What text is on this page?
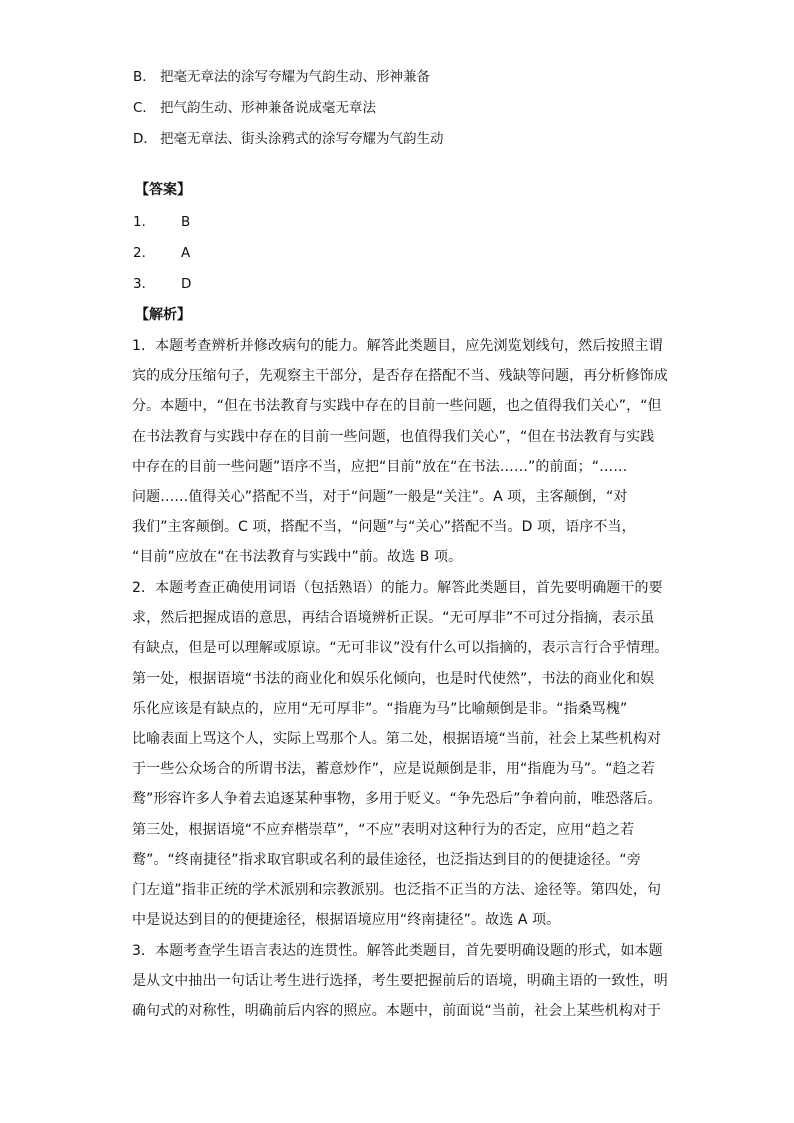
B． 把毫无章法的涂写夸耀为气韵生动、形神兼备
C． 把气韵生动、形神兼备说成毫无章法
D． 把毫无章法、街头涂鸦式的涂写夸耀为气韵生动
【答案】
1． B
2． A
3． D
【解析】
1．本题考查辨析并修改病句的能力。解答此类题目，应先浏览划线句，然后按照主谓
宾的成分压缩句子，先观察主干部分，是否存在搭配不当、残缺等问题，再分析修饰成
分。本题中，“但在书法教育与实践中存在的目前一些问题，也之值得我们关心”，“但
在书法教育与实践中存在的目前一些问题，也值得我们关心”，“但在书法教育与实践
中存在的目前一些问题”语序不当，应把“目前”放在“在书法……”的前面；“……
问题……值得关心”搭配不当，对于“问题”一般是“关注”。A 项，主客颠倒，“对
我们”主客颠倒。C 项，搭配不当，“问题”与“关心”搭配不当。D 项，语序不当，
“目前”应放在“在书法教育与实践中”前。故选 B 项。
2．本题考查正确使用词语（包括熟语）的能力。解答此类题目，首先要明确题干的要
求，然后把握成语的意思，再结合语境辨析正误。“无可厚非”不可过分指摘，表示虽
有缺点，但是可以理解或原谅。“无可非议”没有什么可以指摘的，表示言行合乎情理。
第一处，根据语境“书法的商业化和娱乐化倾向，也是时代使然”，书法的商业化和娱
乐化应该是有缺点的，应用“无可厚非”。“指鹿为马”比喻颠倒是非。“指桑骂槐”
比喻表面上骂这个人，实际上骂那个人。第二处，根据语境“当前，社会上某些机构对
于一些公众场合的所谓书法，蓄意炒作”，应是说颠倒是非，用“指鹿为马”。“趋之若
鹜”形容许多人争着去追逐某种事物，多用于贬义。“争先恐后”争着向前，唯恐落后。
第三处，根据语境“不应弃楷崇草”，“不应”表明对这种行为的否定，应用“趋之若
鹜”。“终南捷径”指求取官职或名利的最佳途径，也泛指达到目的的便捷途径。“旁
门左道”指非正统的学术派别和宗教派别。也泛指不正当的方法、途径等。第四处，句
中是说达到目的的便捷途径，根据语境应用“终南捷径”。故选 A 项。
3．本题考查学生语言表达的连贯性。解答此类题目，首先要明确设题的形式，如本题
是从文中抽出一句话让考生进行选择，考生要把握前后的语境，明确主语的一致性，明
确句式的对称性，明确前后内容的照应。本题中，前面说“当前，社会上某些机构对于
